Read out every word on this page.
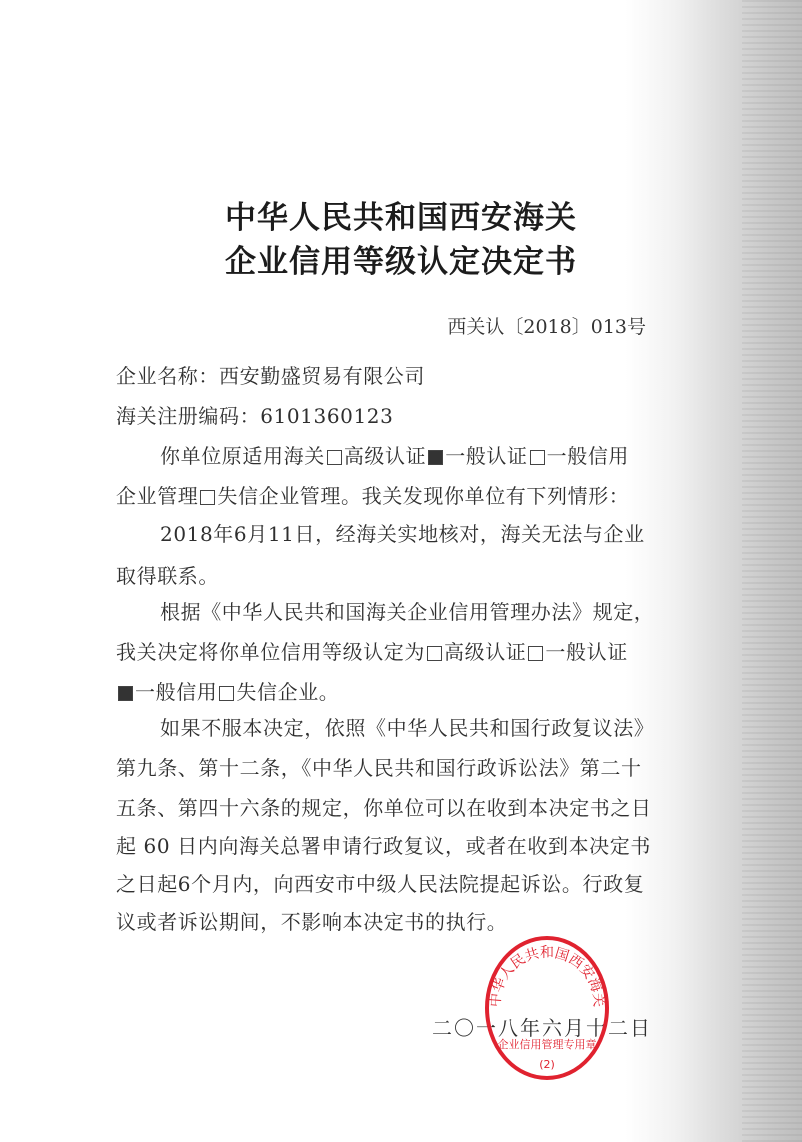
中华人民共和国西安海关
企业信用等级认定决定书
西关认〔2018〕013号
企业名称：西安勤盛贸易有限公司
海关注册编码：6101360123
你单位原适用海关 高级认证 一般认证 一般信用
企业管理 失信企业管理。我关发现你单位有下列情形：
2018年6月11日，经海关实地核对，海关无法与企业
取得联系。
根据《中华人民共和国海关企业信用管理办法》规定，
我关决定将你单位信用等级认定为 高级认证 一般认证
一般信用 失信企业。
如果不服本决定，依照《中华人民共和国行政复议法》
第九条、第十二条，《中华人民共和国行政诉讼法》第二十
五条、第四十六条的规定，你单位可以在收到本决定书之日
起 60 日内向海关总署申请行政复议，或者在收到本决定书
之日起6个月内，向西安市中级人民法院提起诉讼。行政复
议或者诉讼期间，不影响本决定书的执行。
二〇一八年六月十二日
中华人民共和国西安海关
企业信用管理专用章
(2)
